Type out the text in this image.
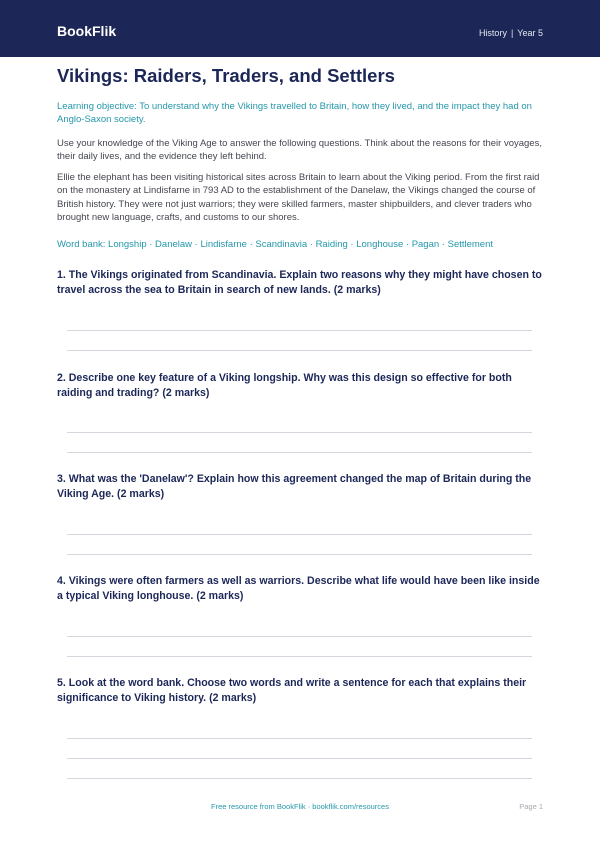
BookFlik	History | Year 5
Vikings: Raiders, Traders, and Settlers
Learning objective: To understand why the Vikings travelled to Britain, how they lived, and the impact they had on Anglo-Saxon society.
Use your knowledge of the Viking Age to answer the following questions. Think about the reasons for their voyages, their daily lives, and the evidence they left behind.
Ellie the elephant has been visiting historical sites across Britain to learn about the Viking period. From the first raid on the monastery at Lindisfarne in 793 AD to the establishment of the Danelaw, the Vikings changed the course of British history. They were not just warriors; they were skilled farmers, master shipbuilders, and clever traders who brought new language, crafts, and customs to our shores.
Word bank: Longship · Danelaw · Lindisfarne · Scandinavia · Raiding · Longhouse · Pagan · Settlement

1. The Vikings originated from Scandinavia. Explain two reasons why they might have chosen to travel across the sea to Britain in search of new lands. (2 marks)

2. Describe one key feature of a Viking longship. Why was this design so effective for both raiding and trading? (2 marks)

3. What was the 'Danelaw'? Explain how this agreement changed the map of Britain during the Viking Age. (2 marks)

4. Vikings were often farmers as well as warriors. Describe what life would have been like inside a typical Viking longhouse. (2 marks)

5. Look at the word bank. Choose two words and write a sentence for each that explains their significance to Viking history. (2 marks)

Free resource from BookFlik · bookflik.com/resources	Page 1
